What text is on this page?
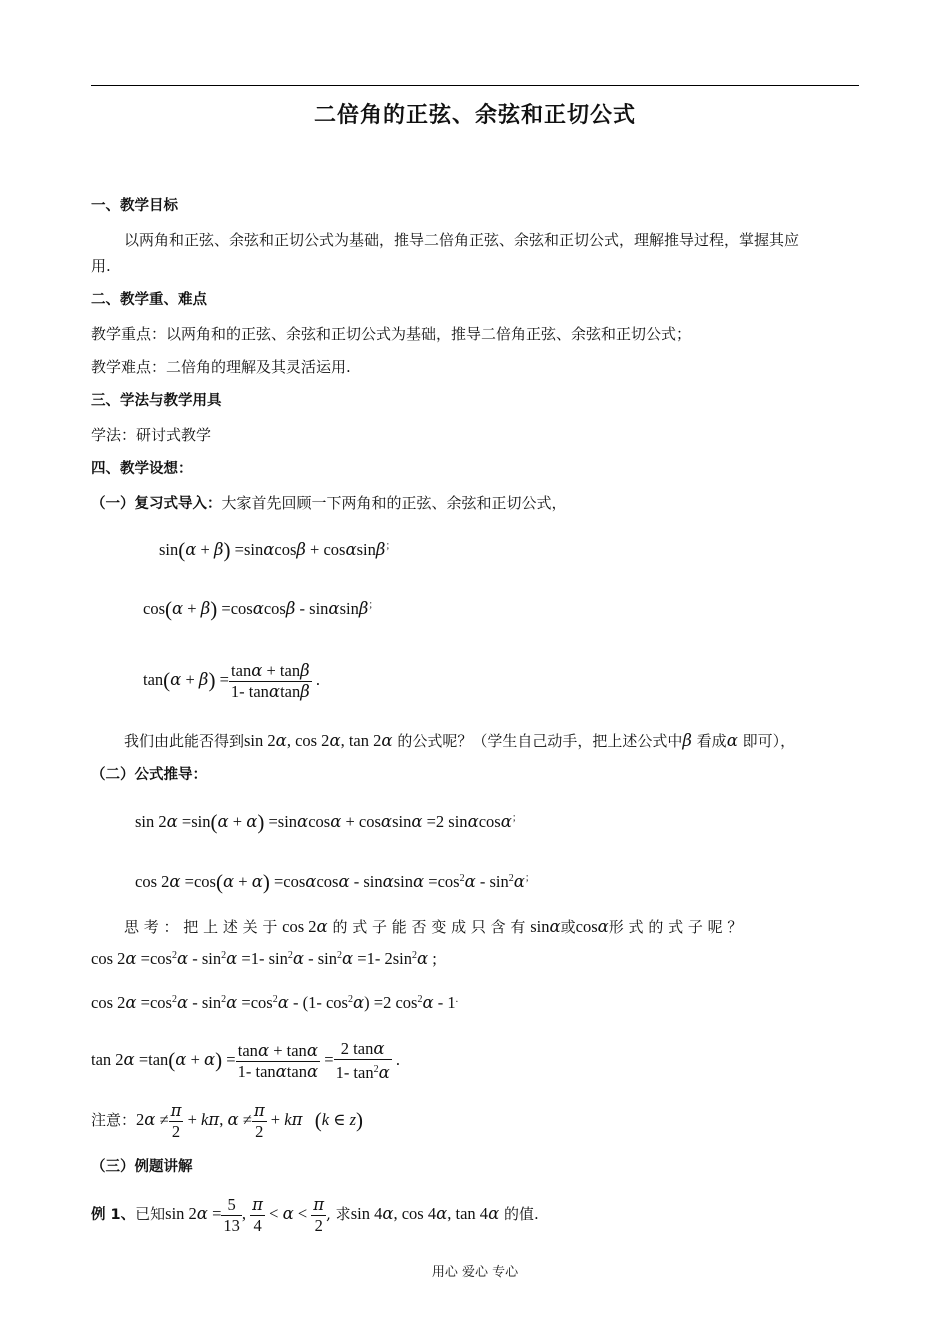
二倍角的正弦、余弦和正切公式
一、教学目标
以两角和正弦、余弦和正切公式为基础，推导二倍角正弦、余弦和正切公式，理解推导过程，掌握其应
用.
二、教学重、难点
教学重点：以两角和的正弦、余弦和正切公式为基础，推导二倍角正弦、余弦和正切公式；
教学难点：二倍角的理解及其灵活运用.
三、学法与教学用具
学法：研讨式教学
四、教学设想：
（一）复习式导入：大家首先回顾一下两角和的正弦、余弦和正切公式，
sin(α + β) =sinαcosβ + cosαsinβ；
cos(α + β) =cosαcosβ - sinαsinβ；
$\tan(\alpha + \beta) = \frac{\tan\alpha + \tan\beta}{1- \tan\alpha\tan\beta}$ .
我们由此能否得到sin 2α, cos 2α, tan 2α 的公式呢？（学生自己动手，把上述公式中β 看成α 即可），
（二）公式推导：
sin 2α =sin(α + α) =sinαcosα + cosαsinα =2 sinαcosα；
$\cos 2\alpha =\cos(\alpha + \alpha) =\cos\alpha\cos\alpha - \sin\alpha\sin\alpha =\cos^2\alpha - \sin^2\alpha^;$
思 考 ： 把 上 述 关 于 cos 2α 的 式 子 能 否 变 成 只 含 有 sinα或cosα形 式 的 式 子 呢 ？
$\cos 2\alpha =\cos^2\alpha - \sin^2\alpha =1-$ $\sin^2\alpha - \sin^2\alpha =1-$ $2\sin^2\alpha$ ;
$\cos 2\alpha =\cos^2\alpha - \sin^2\alpha =\cos^2\alpha - (1-$ $\cos^2\alpha) =2$ $\cos^2\alpha - 1^.$
$\tan 2\alpha =\tan(\alpha + \alpha) = \frac{\tan\alpha + \tan\alpha}{1- \tan\alpha\tan\alpha} = \frac{2 \tan\alpha}{1- \tan^2\alpha}$ .
注意：$2\alpha \ne \frac{\pi}{2} + k\pi$, $\alpha \ne \frac{\pi}{2} + k\pi$ (k ∈ z)
（三）例题讲解
例 1、已知$\sin 2\alpha = \frac{5}{13}$ , $\frac{\pi}{4} < \alpha < \frac{\pi}{2}$ , 求sin 4α, cos 4α, tan 4α 的值.
用心 爱心 专心
